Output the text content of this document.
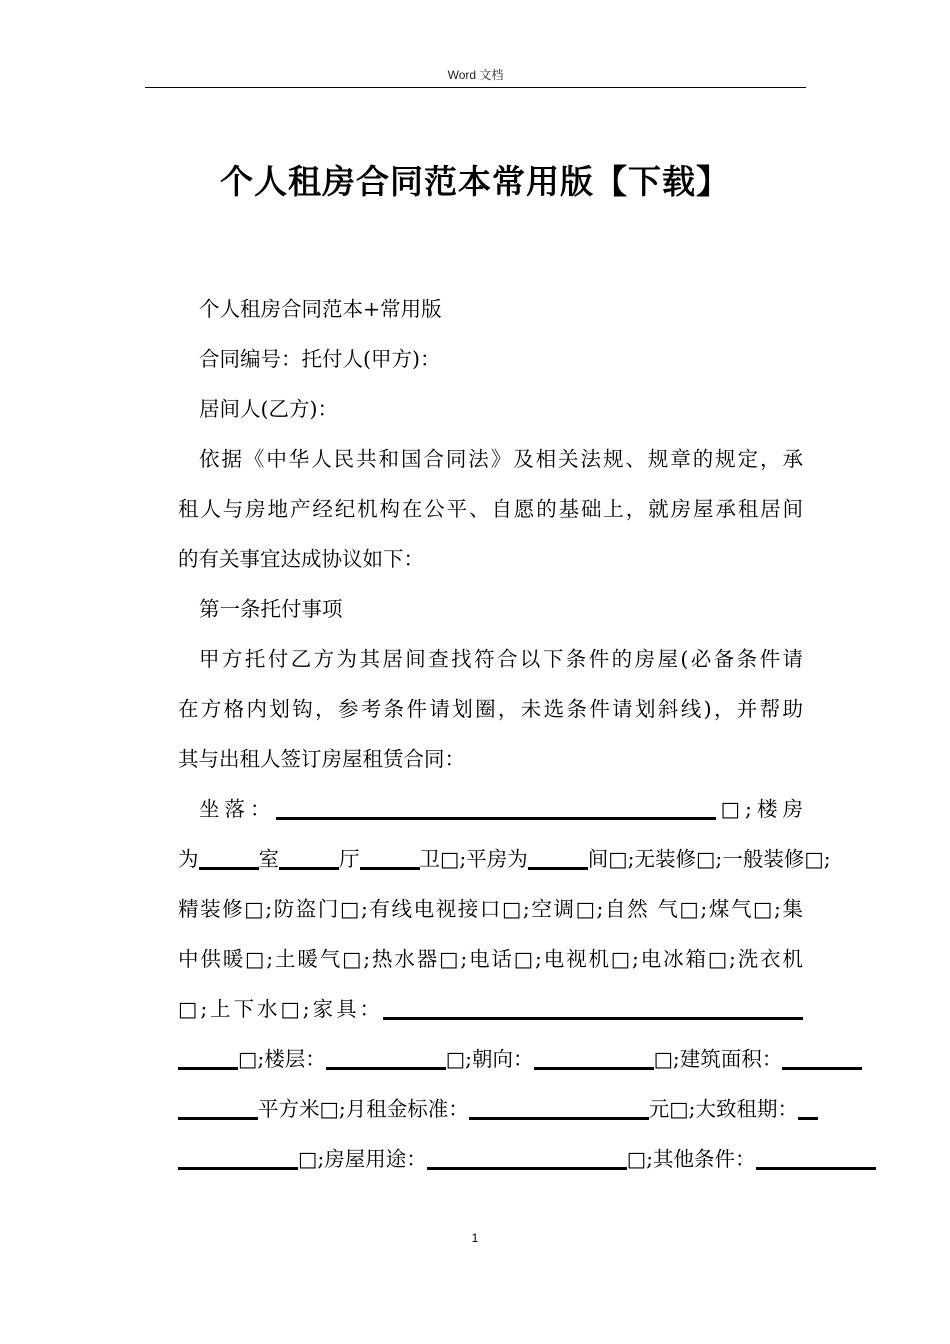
Word 文档
个人租房合同范本常用版【下载】
个人租房合同范本+常用版
合同编号：托付人(甲方)：
居间人(乙方)：
依据《中华人民共和国合同法》及相关法规、规章的规定，承
租人与房地产经纪机构在公平、自愿的基础上，就房屋承租居间
的有关事宜达成协议如下：
第一条托付事项
甲方托付乙方为其居间查找符合以下条件的房屋(必备条件请
在方格内划钩，参考条件请划圈，未选条件请划斜线)，并帮助
其与出租人签订房屋租赁合同：
坐落：	□;楼房
为	室	厅	卫□;平房为	间□;无装修□;一般装修□;
精装修□;防盗门□;有线电视接口□;空调□;自然 气□;煤气□;集
中供暖□;土暖气□;热水器□;电话□;电视机□;电冰箱□;洗衣机
□;上下水□;家具：
□;楼层：	□;朝向：	□;建筑面积：
平方米□;月租金标准：	元□;大致租期：
□;房屋用途：	□;其他条件：
1
